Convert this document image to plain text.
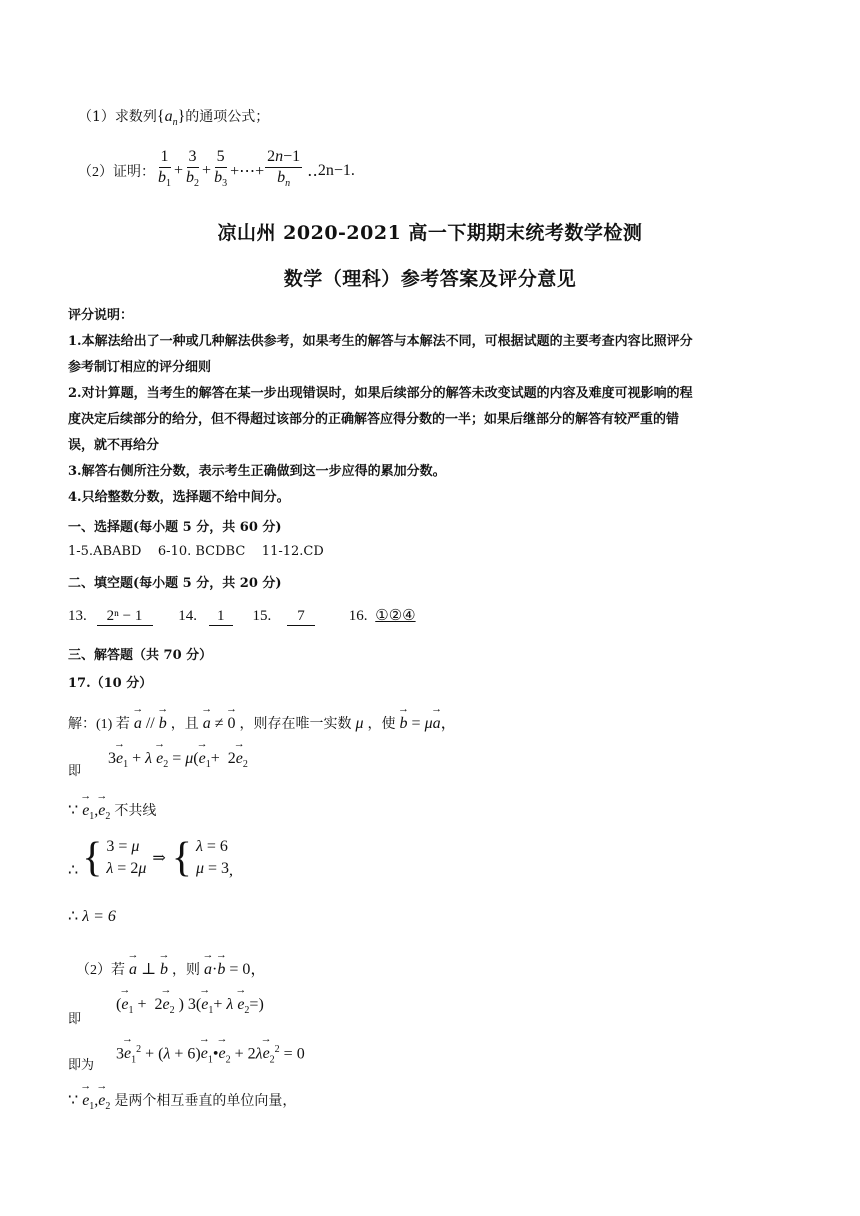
（1）求数列$\{a_n\}$的通项公式；
（2）证明： $\frac{1}{b_1} + \frac{3}{b_2} + \frac{5}{b_3}$ +⋯+ $\frac{2n-1}{b_n}$ ‥ 2n−1.
凉山州 2020-2021 高一下期期末统考数学检测
数学（理科）参考答案及评分意见
评分说明：
1.本解法给出了一种或几种解法供参考，如果考生的解答与本解法不同，可根据试题的主要考查内容比照评分
参考制订相应的评分细则
2.对计算题，当考生的解答在某一步出现错误时，如果后续部分的解答未改变试题的内容及难度可视影响的程
度决定后续部分的给分，但不得超过该部分的正确解答应得分数的一半；如果后继部分的解答有较严重的错
误，就不再给分
3.解答右侧所注分数，表示考生正确做到这一步应得的累加分数。
4.只给整数分数，选择题不给中间分。
一、选择题(每小题 5 分，共 60 分)
1-5.ABABD    6-10. BCDBC    11-12.CD
二、填空题(每小题 5 分，共 20 分)
13. 2ⁿ − 1 14. 1 15. 7	16. ①②④
三、解答题（共 70 分）
17.（10 分）
解：(1) 若 → a // → b ，且 → a ≠ → 0 ，则存在唯一实数 μ ，使 → b = μ→ a，
即
$3\to e_1 + \lambda \to e_2 = \mu(\to e_1+ 2\to e_2$
∵ → $e_1,\to e_2$ 不共线
∴ { 3 = μ
λ = 2μ
⇒ { λ = 6
μ = 3 ,
∴ λ = 6
（2）若 → a ⊥ → b ，则 → a·→ b = 0，
即
(→ $e_1 + 2\to e_2$ ) $3(\to e_1+ \lambda \to e_2=)$
即为
$3\to e_1^2 + (\lambda + 6)\to$ $e_1•\to e_2 + 2\lambda\to e_2^2 = 0$
∵ → $e_1,\to e_2$ 是两个相互垂直的单位向量，
